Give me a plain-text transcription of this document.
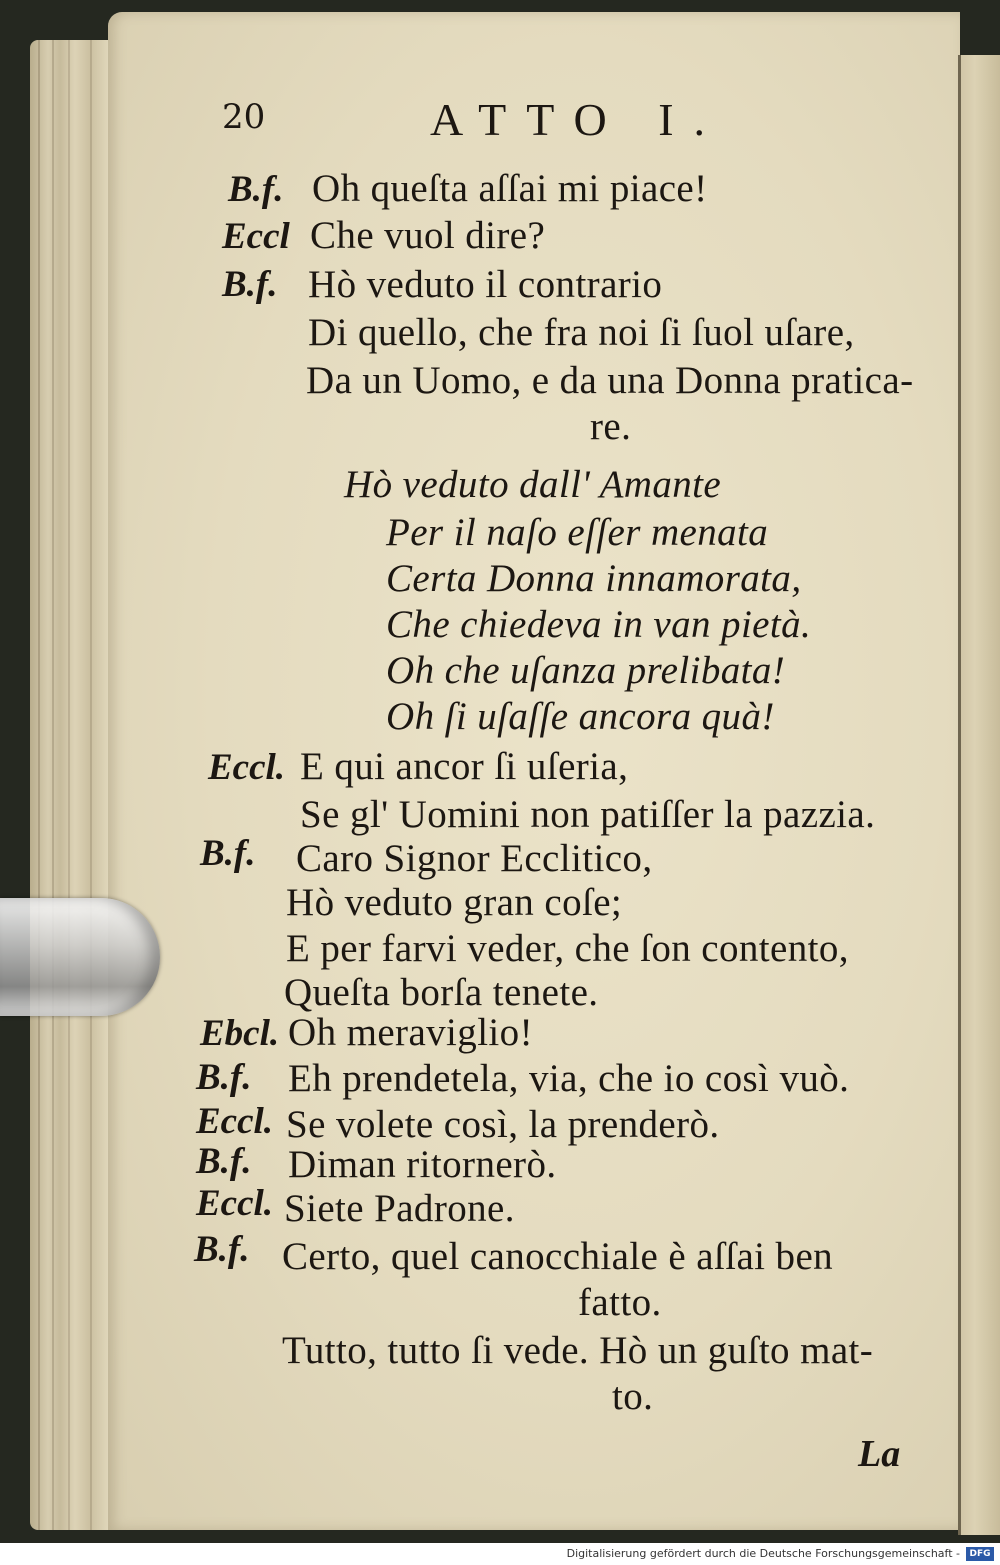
20	ATTO I.
B.f. Oh queſta aſſai mi piace!
Eccl Che vuol dire?
B.f. Hò veduto il contrario
Di quello, che fra noi ſi ſuol uſare,
Da un Uomo, e da una Donna pratica-
re.
Hò veduto dall' Amante
Per il naſo eſſer menata
Certa Donna innamorata,
Che chiedeva in van pietà.
Oh che uſanza prelibata!
Oh ſi uſaſſe ancora quà!
Eccl. E qui ancor ſi uſeria,
Se gl' Uomini non patiſſer la pazzia.
B.f. Caro Signor Ecclitico,
Hò veduto gran coſe;
E per farvi veder, che ſon contento,
Queſta borſa tenete.
Ebcl. Oh meraviglio!
B.f. Eh prendetela, via, che io così vuò.
Eccl. Se volete così, la prenderò.
B.f. Diman ritornerò.
Eccl. Siete Padrone.
B.f. Certo, quel canocchiale è aſſai ben
fatto.
Tutto, tutto ſi vede. Hò un guſto mat-
to.
La
Digitalisierung gefördert durch die Deutsche Forschungsgemeinschaft -	DFG
